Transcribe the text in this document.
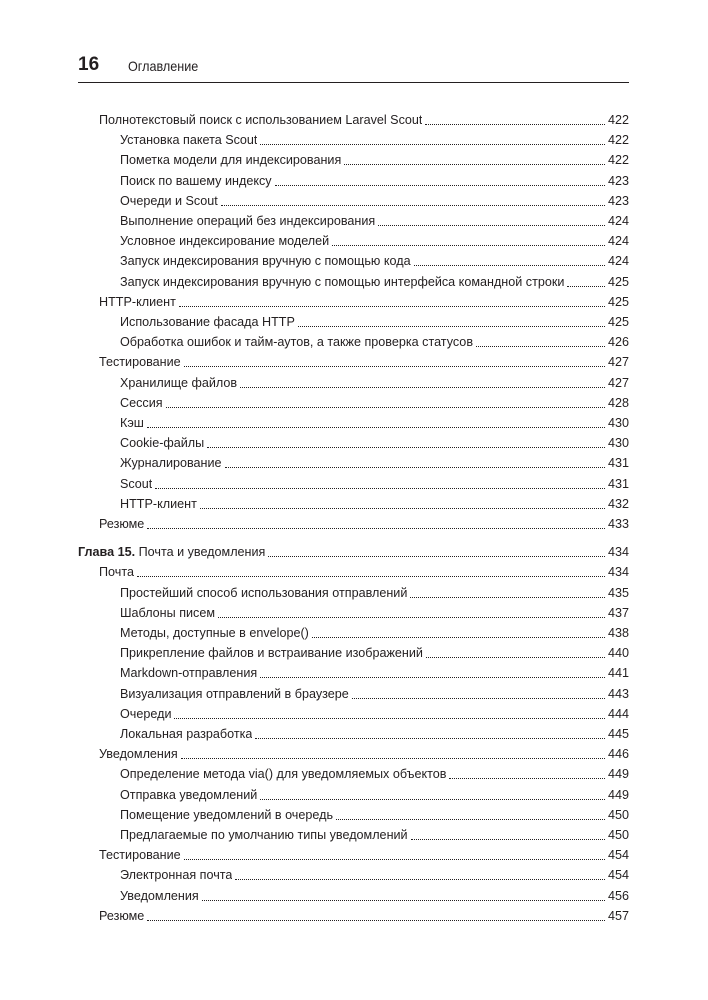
16 Оглавление
Полнотекстовый поиск с использованием Laravel Scout	422
Установка пакета Scout	422
Пометка модели для индексирования	422
Поиск по вашему индексу	423
Очереди и Scout	423
Выполнение операций без индексирования	424
Условное индексирование моделей	424
Запуск индексирования вручную с помощью кода	424
Запуск индексирования вручную с помощью интерфейса командной строки	425
HTTP-клиент	425
Использование фасада HTTP	425
Обработка ошибок и тайм-аутов, а также проверка статусов	426
Тестирование	427
Хранилище файлов	427
Сессия	428
Кэш	430
Cookie-файлы	430
Журналирование	431
Scout	431
HTTP-клиент	432
Резюме	433
Глава 15. Почта и уведомления	434
Почта	434
Простейший способ использования отправлений	435
Шаблоны писем	437
Методы, доступные в envelope()	438
Прикрепление файлов и встраивание изображений	440
Markdown-отправления	441
Визуализация отправлений в браузере	443
Очереди	444
Локальная разработка	445
Уведомления	446
Определение метода via() для уведомляемых объектов	449
Отправка уведомлений	449
Помещение уведомлений в очередь	450
Предлагаемые по умолчанию типы уведомлений	450
Тестирование	454
Электронная почта	454
Уведомления	456
Резюме	457
